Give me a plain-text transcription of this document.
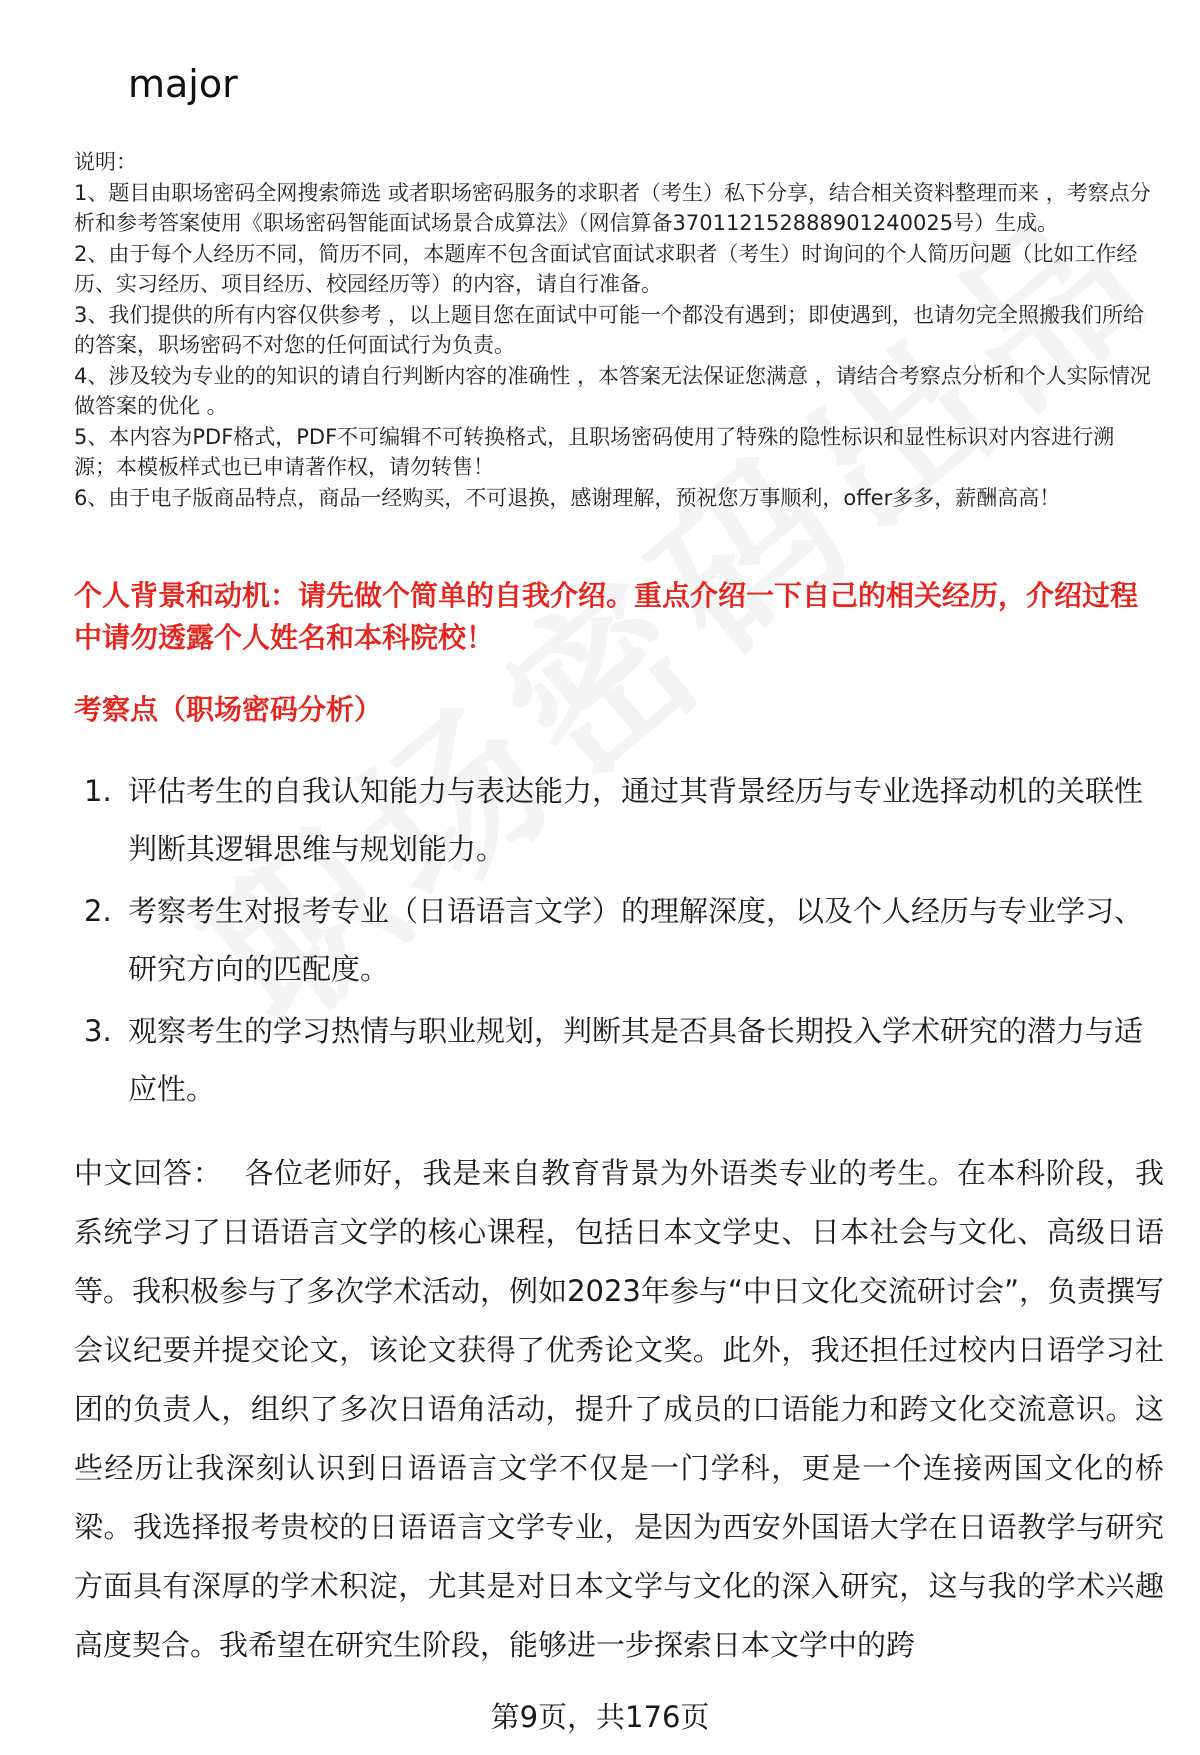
major

说明：

1、题目由职场密码全网搜索筛选 或者职场密码服务的求职者（考生）私下分享，结合相关资料整理而来 ，考察点分析和参考答案使用《职场密码智能面试场景合成算法》（网信算备370112152888901240025号）生成。

2、由于每个人经历不同，简历不同，本题库不包含面试官面试求职者（考生）时询问的个人简历问题（比如工作经历、实习经历、项目经历、校园经历等）的内容，请自行准备。

3、我们提供的所有内容仅供参考 ，以上题目您在面试中可能一个都没有遇到；即使遇到，也请勿完全照搬我们所给的答案，职场密码不对您的任何面试行为负责。

4、涉及较为专业的的知识的请自行判断内容的准确性 ，本答案无法保证您满意 ，请结合考察点分析和个人实际情况做答案的优化 。

5、本内容为PDF格式，PDF不可编辑不可转换格式，且职场密码使用了特殊的隐性标识和显性标识对内容进行溯源；本模板样式也已申请著作权，请勿转售！

6、由于电子版商品特点，商品一经购买，不可退换，感谢理解，预祝您万事顺利，offer多多，薪酬高高！

个人背景和动机：请先做个简单的自我介绍。重点介绍一下自己的相关经历，介绍过程中请勿透露个人姓名和本科院校！
考察点（职场密码分析）
1. 评估考生的自我认知能力与表达能力，通过其背景经历与专业选择动机的关联性判断其逻辑思维与规划能力。
2. 考察考生对报考专业（日语语言文学）的理解深度，以及个人经历与专业学习、研究方向的匹配度。
3. 观察考生的学习热情与职业规划，判断其是否具备长期投入学术研究的潜力与适应性。
中文回答： 各位老师好，我是来自教育背景为外语类专业的考生。在本科阶段，我系统学习了日语语言文学的核心课程，包括日本文学史、日本社会与文化、高级日语等。我积极参与了多次学术活动，例如2023年参与“中日文化交流研讨会”，负责撰写会议纪要并提交论文，该论文获得了优秀论文奖。此外，我还担任过校内日语学习社团的负责人，组织了多次日语角活动，提升了成员的口语能力和跨文化交流意识。这些经历让我深刻认识到日语语言文学不仅是一门学科，更是一个连接两国文化的桥梁。我选择报考贵校的日语语言文学专业，是因为西安外国语大学在日语教学与研究方面具有深厚的学术积淀，尤其是对日本文学与文化的深入研究，这与我的学术兴趣高度契合。我希望在研究生阶段，能够进一步探索日本文学中的跨
第9页，共176页
